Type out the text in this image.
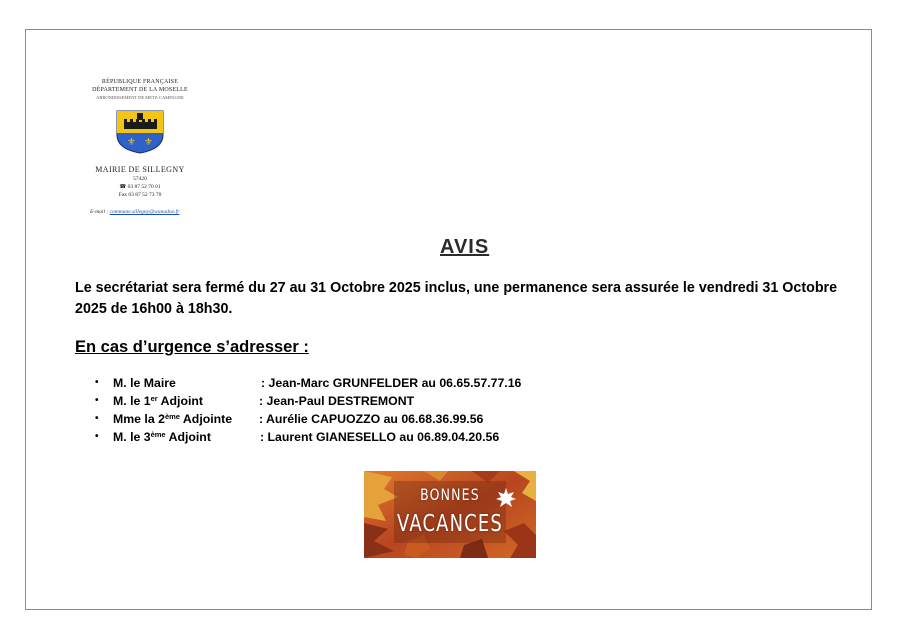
RÉPUBLIQUE FRANÇAISE
DÉPARTEMENT DE LA MOSELLE
ARRONDISSEMENT DE METZ-CAMPAGNE
⚜ ⚜
MAIRIE DE SILLEGNY
57420
☎ 03 87 52 70 01
Fax 03 87 52 73 70
E-mail : commune.sillegny@wanadoo.fr
AVIS
Le secrétariat sera fermé du 27 au 31 Octobre 2025 inclus, une permanence sera assurée le vendredi 31 Octobre 2025 de 16h00 à 18h30.
En cas d’urgence s’adresser :
• M. le Maire	: Jean-Marc GRUNFELDER au 06.65.57.77.16
• M. le 1er Adjoint	: Jean-Paul DESTREMONT
• Mme la 2ème Adjointe : Aurélie CAPUOZZO au 06.68.36.99.56
• M. le 3ème Adjoint	: Laurent GIANESELLO au 06.89.04.20.56
BONNES
VACANCES
